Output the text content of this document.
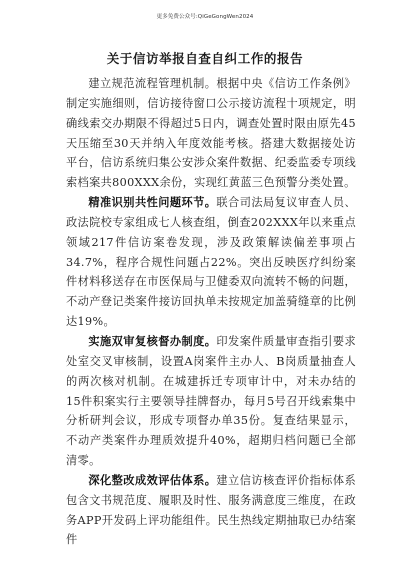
更多免费公众号:QiGeGongWen2024
关于信访举报自查自纠工作的报告

建立规范流程管理机制。根据中央《信访工作条例》制定实施细则，信访接待窗口公示接访流程十项规定，明确线索交办期限不得超过5日内，调查处置时限由原先45天压缩至30天并纳入年度效能考核。搭建大数据接处访平台，信访系统归集公安涉众案件数据、纪委监委专项线索档案共800XXX余份，实现红黄蓝三色预警分类处置。

精准识别共性问题环节。联合司法局复议审查人员、政法院校专家组成七人核查组，倒查202XXX年以来重点领域217件信访案卷发现，涉及政策解读偏差事项占34.7%，程序合规性问题占22%。突出反映医疗纠纷案件材料移送存在市医保局与卫健委双向流转不畅的问题，不动产登记类案件接访回执单未按规定加盖骑缝章的比例达19%。

实施双审复核督办制度。印发案件质量审查指引要求处室交叉审核制，设置A岗案件主办人、B岗质量抽查人的两次核对机制。在城建拆迁专项审计中，对未办结的15件积案实行主要领导挂牌督办，每月5号召开线索集中分析研判会议，形成专项督办单35份。复查结果显示，不动产类案件办理质效提升40%，超期归档问题已全部清零。

深化整改成效评估体系。建立信访核查评价指标体系包含文书规范度、履职及时性、服务满意度三维度，在政务APP开发码上评功能组件。民生热线定期抽取已办结案件
